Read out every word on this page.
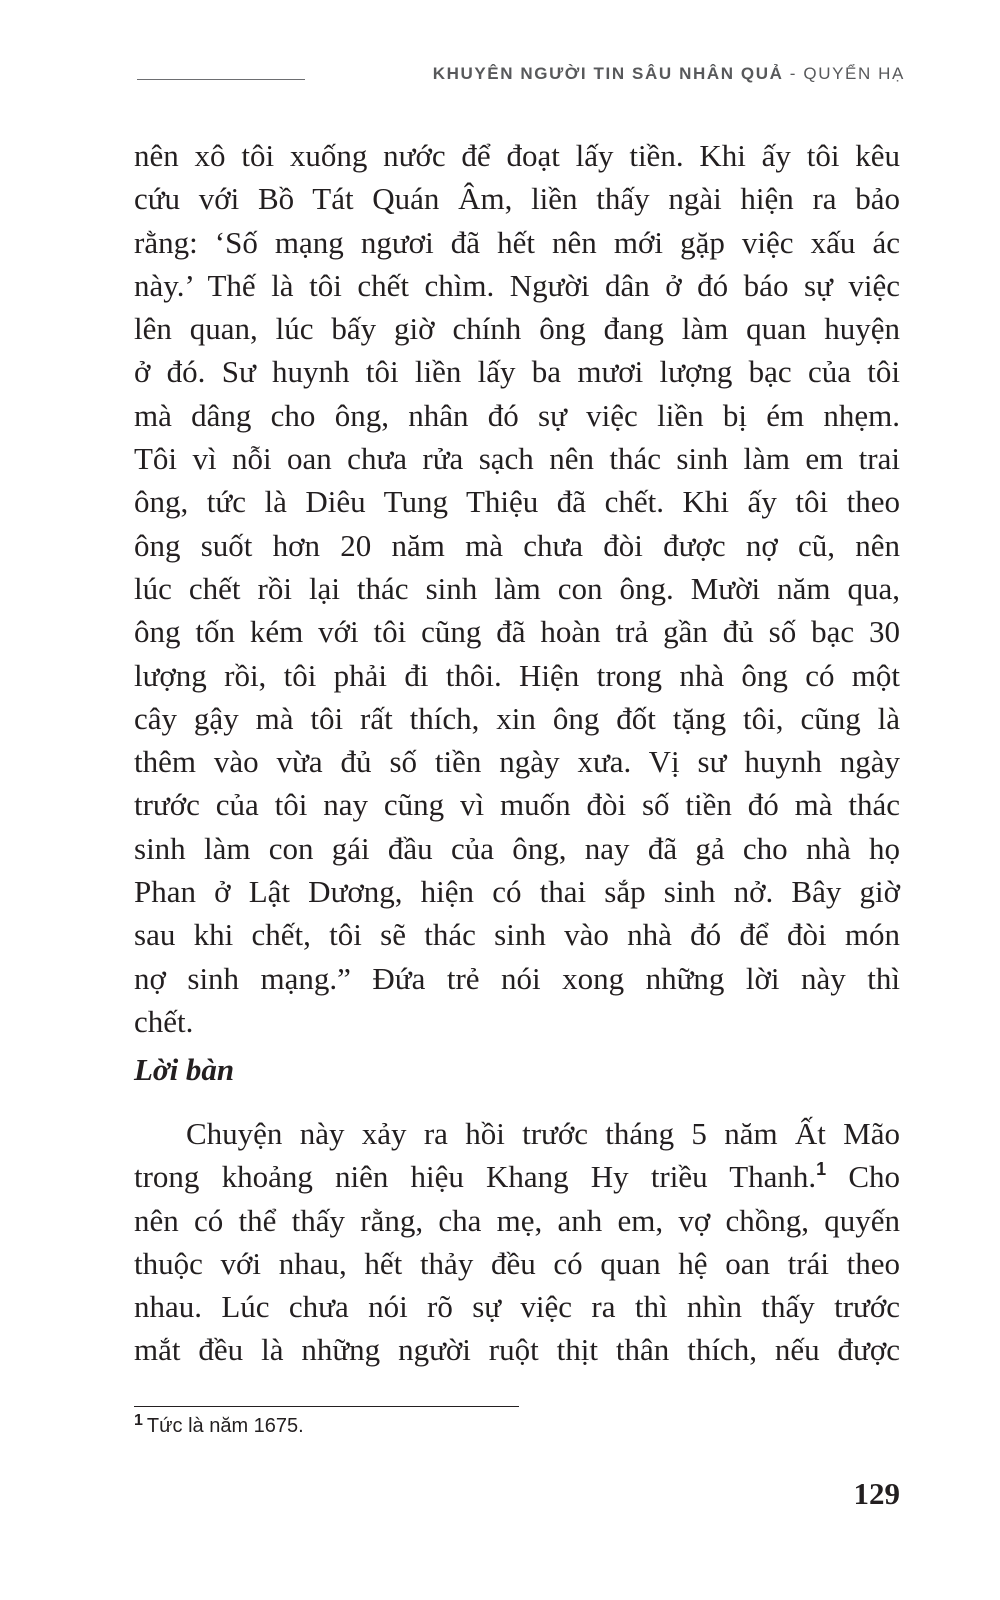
KHUYÊN NGƯỜI TIN SÂU NHÂN QUẢ - QUYỂN HẠ
nên xô tôi xuống nước để đoạt lấy tiền. Khi ấy tôi kêu
cứu với Bồ Tát Quán Âm, liền thấy ngài hiện ra bảo
rằng: ‘Số mạng ngươi đã hết nên mới gặp việc xấu ác
này.’ Thế là tôi chết chìm. Người dân ở đó báo sự việc
lên quan, lúc bấy giờ chính ông đang làm quan huyện
ở đó. Sư huynh tôi liền lấy ba mươi lượng bạc của tôi
mà dâng cho ông, nhân đó sự việc liền bị ém nhẹm.
Tôi vì nỗi oan chưa rửa sạch nên thác sinh làm em trai
ông, tức là Diêu Tung Thiệu đã chết. Khi ấy tôi theo
ông suốt hơn 20 năm mà chưa đòi được nợ cũ, nên
lúc chết rồi lại thác sinh làm con ông. Mười năm qua,
ông tốn kém với tôi cũng đã hoàn trả gần đủ số bạc 30
lượng rồi, tôi phải đi thôi. Hiện trong nhà ông có một
cây gậy mà tôi rất thích, xin ông đốt tặng tôi, cũng là
thêm vào vừa đủ số tiền ngày xưa. Vị sư huynh ngày
trước của tôi nay cũng vì muốn đòi số tiền đó mà thác
sinh làm con gái đầu của ông, nay đã gả cho nhà họ
Phan ở Lật Dương, hiện có thai sắp sinh nở. Bây giờ
sau khi chết, tôi sẽ thác sinh vào nhà đó để đòi món
nợ sinh mạng.” Đứa trẻ nói xong những lời này thì
chết.
Lời bàn
Chuyện này xảy ra hồi trước tháng 5 năm Ất Mão
trong khoảng niên hiệu Khang Hy triều Thanh.$^1$ Cho
nên có thể thấy rằng, cha mẹ, anh em, vợ chồng, quyến
thuộc với nhau, hết thảy đều có quan hệ oan trái theo
nhau. Lúc chưa nói rõ sự việc ra thì nhìn thấy trước
mắt đều là những người ruột thịt thân thích, nếu được
$^1$ Tức là năm 1675.
129
